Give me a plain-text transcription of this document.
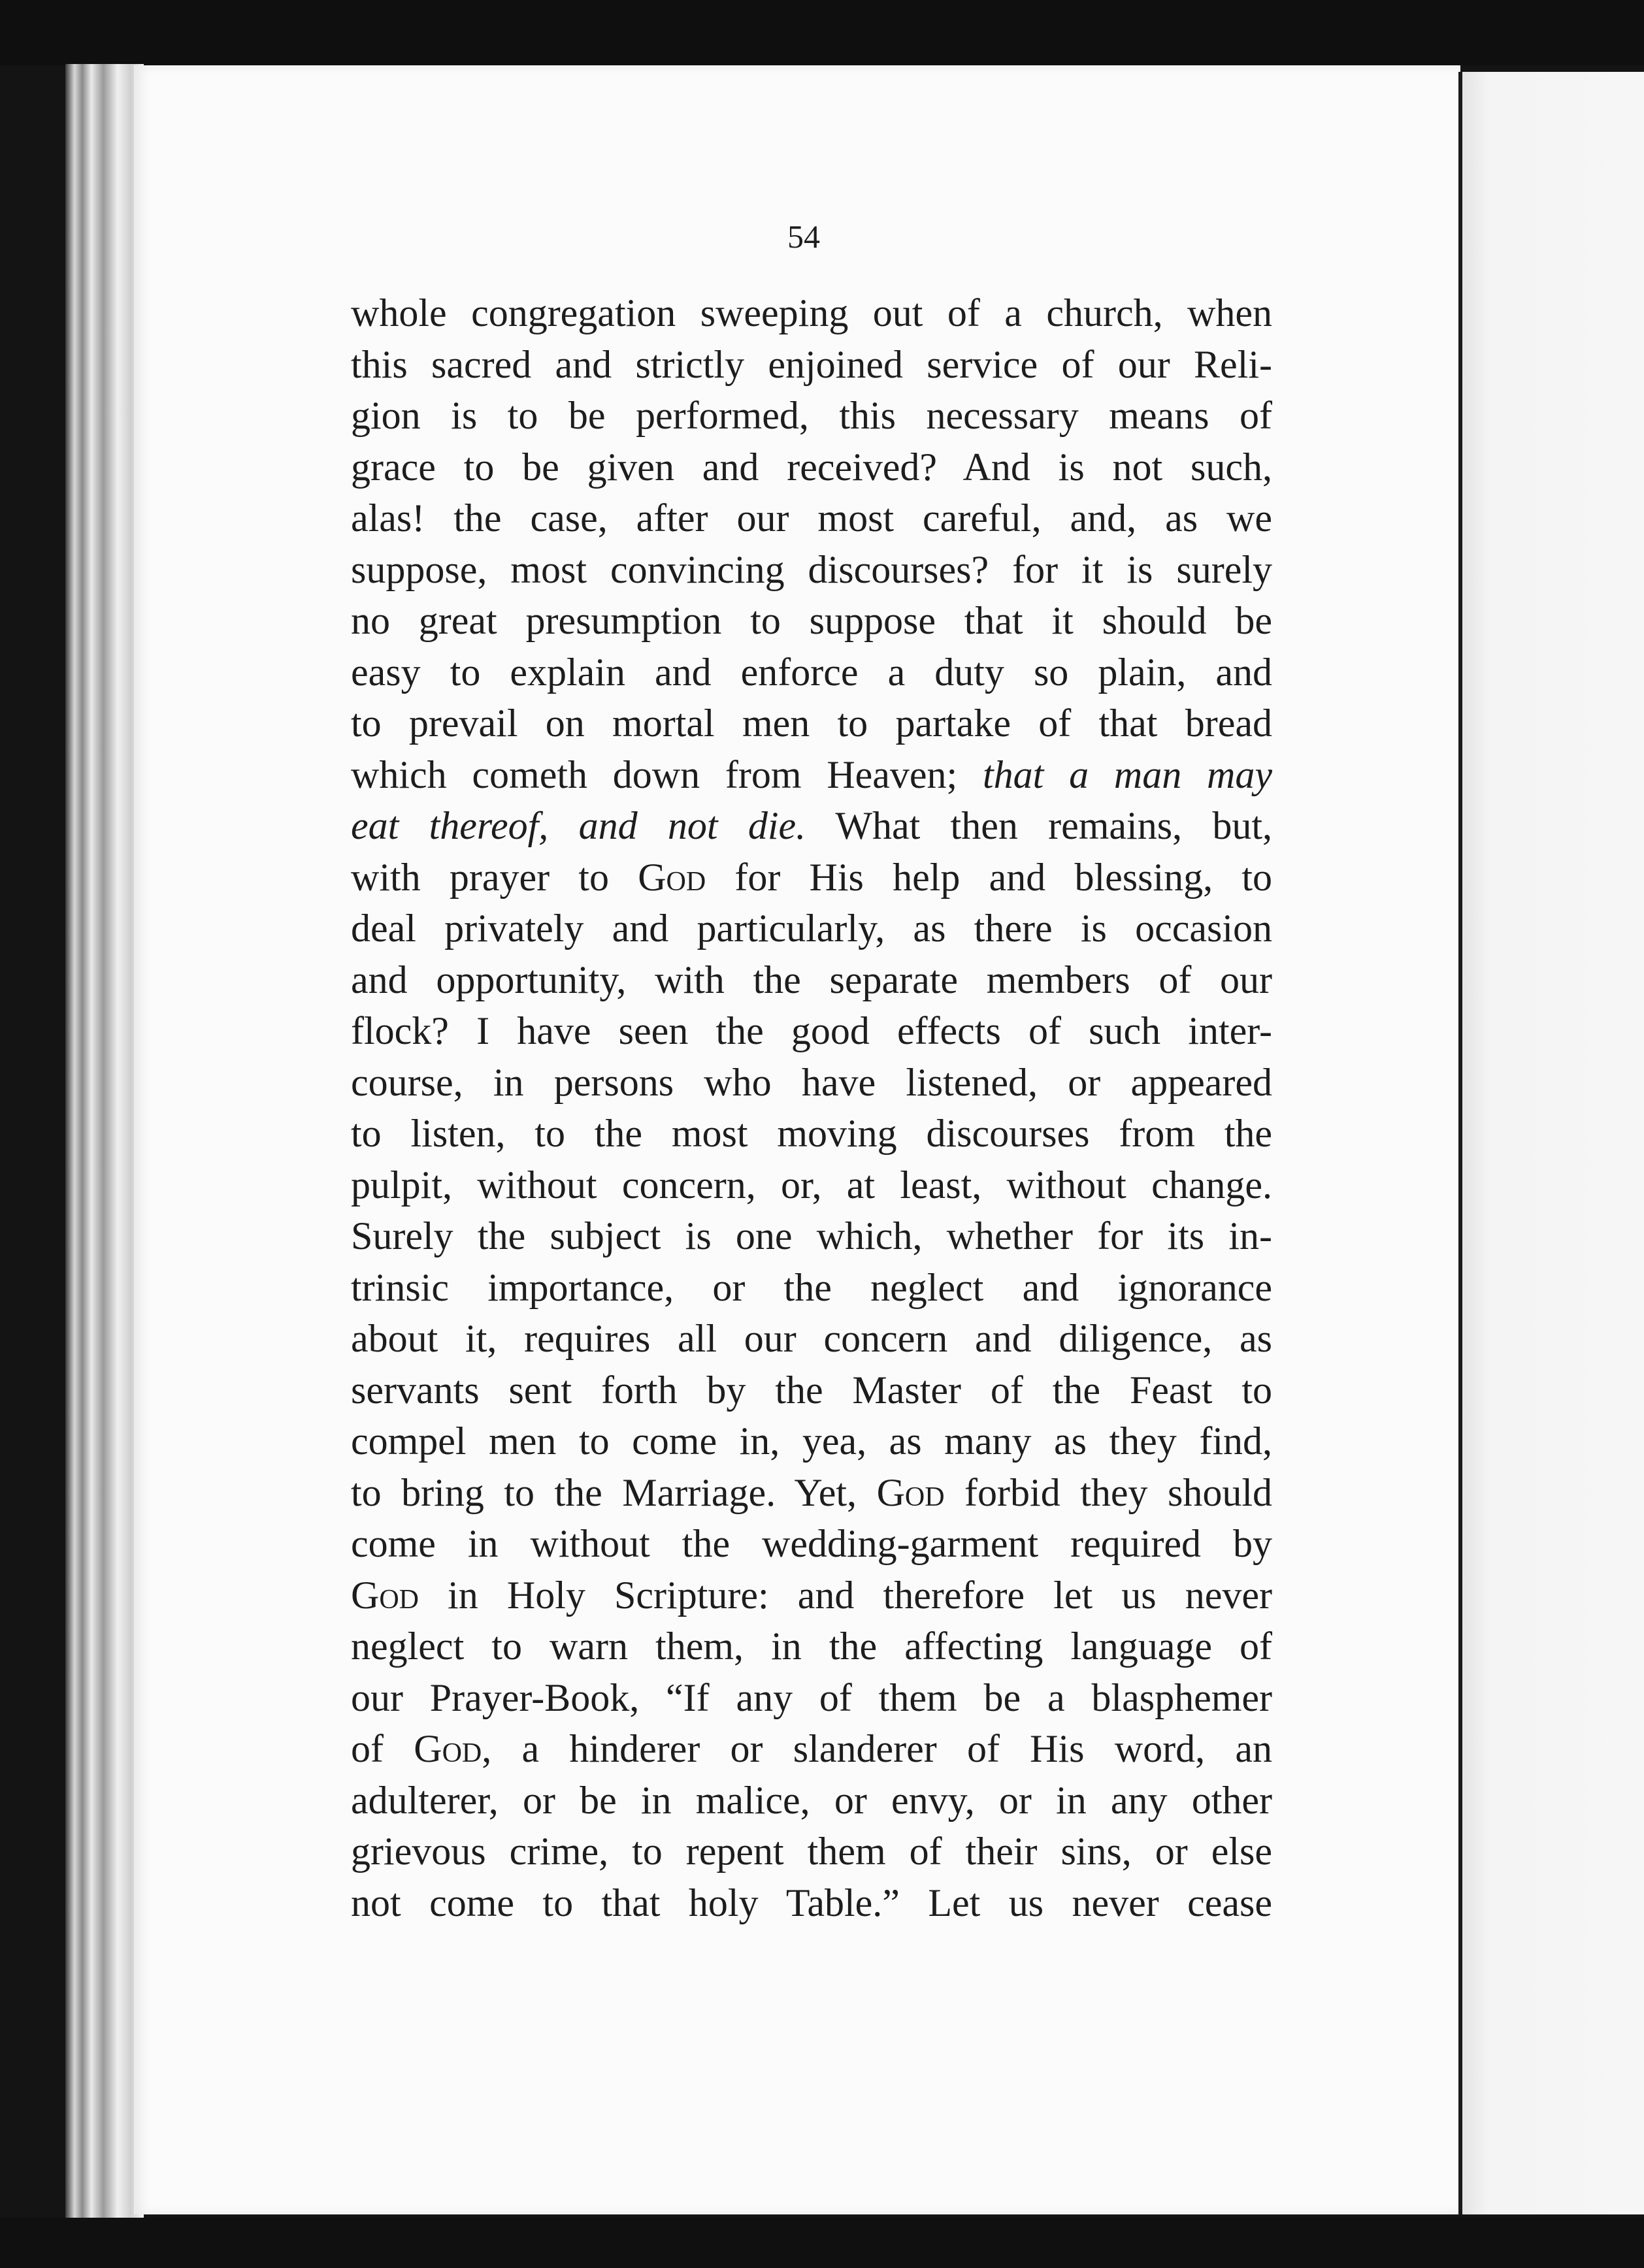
54
whole congregation sweeping out of a church, when
this sacred and strictly enjoined service of our Reli-
gion is to be performed, this necessary means of
grace to be given and received? And is not such,
alas! the case, after our most careful, and, as we
suppose, most convincing discourses? for it is surely
no great presumption to suppose that it should be
easy to explain and enforce a duty so plain, and
to prevail on mortal men to partake of that bread
which cometh down from Heaven; that a man may
eat thereof, and not die. What then remains, but,
with prayer to God for His help and blessing, to
deal privately and particularly, as there is occasion
and opportunity, with the separate members of our
flock? I have seen the good effects of such inter-
course, in persons who have listened, or appeared
to listen, to the most moving discourses from the
pulpit, without concern, or, at least, without change.
Surely the subject is one which, whether for its in-
trinsic importance, or the neglect and ignorance
about it, requires all our concern and diligence, as
servants sent forth by the Master of the Feast to
compel men to come in, yea, as many as they find,
to bring to the Marriage. Yet, God forbid they should
come in without the wedding-garment required by
God in Holy Scripture: and therefore let us never
neglect to warn them, in the affecting language of
our Prayer-Book, “If any of them be a blasphemer
of God, a hinderer or slanderer of His word, an
adulterer, or be in malice, or envy, or in any other
grievous crime, to repent them of their sins, or else
not come to that holy Table.” Let us never cease
